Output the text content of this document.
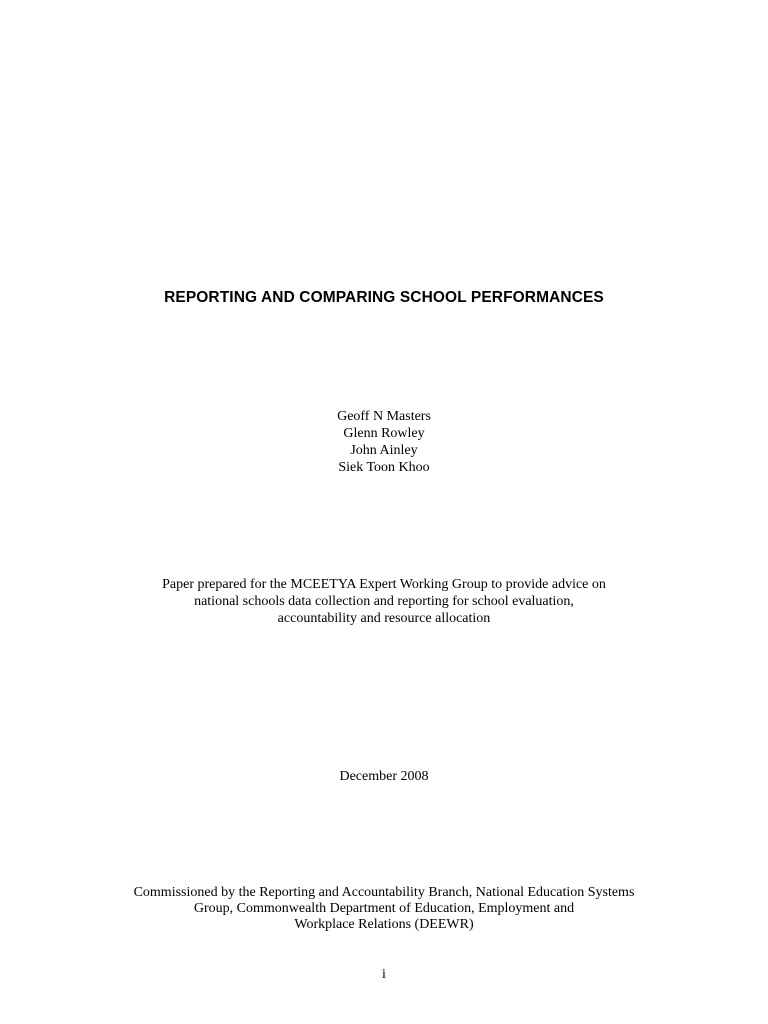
REPORTING AND COMPARING SCHOOL PERFORMANCES
Geoff N Masters
Glenn Rowley
John Ainley
Siek Toon Khoo
Paper prepared for the MCEETYA Expert Working Group to provide advice on
national schools data collection and reporting for school evaluation,
accountability and resource allocation
December 2008
Commissioned by the Reporting and Accountability Branch, National Education Systems
Group, Commonwealth Department of Education, Employment and
Workplace Relations (DEEWR)
i
